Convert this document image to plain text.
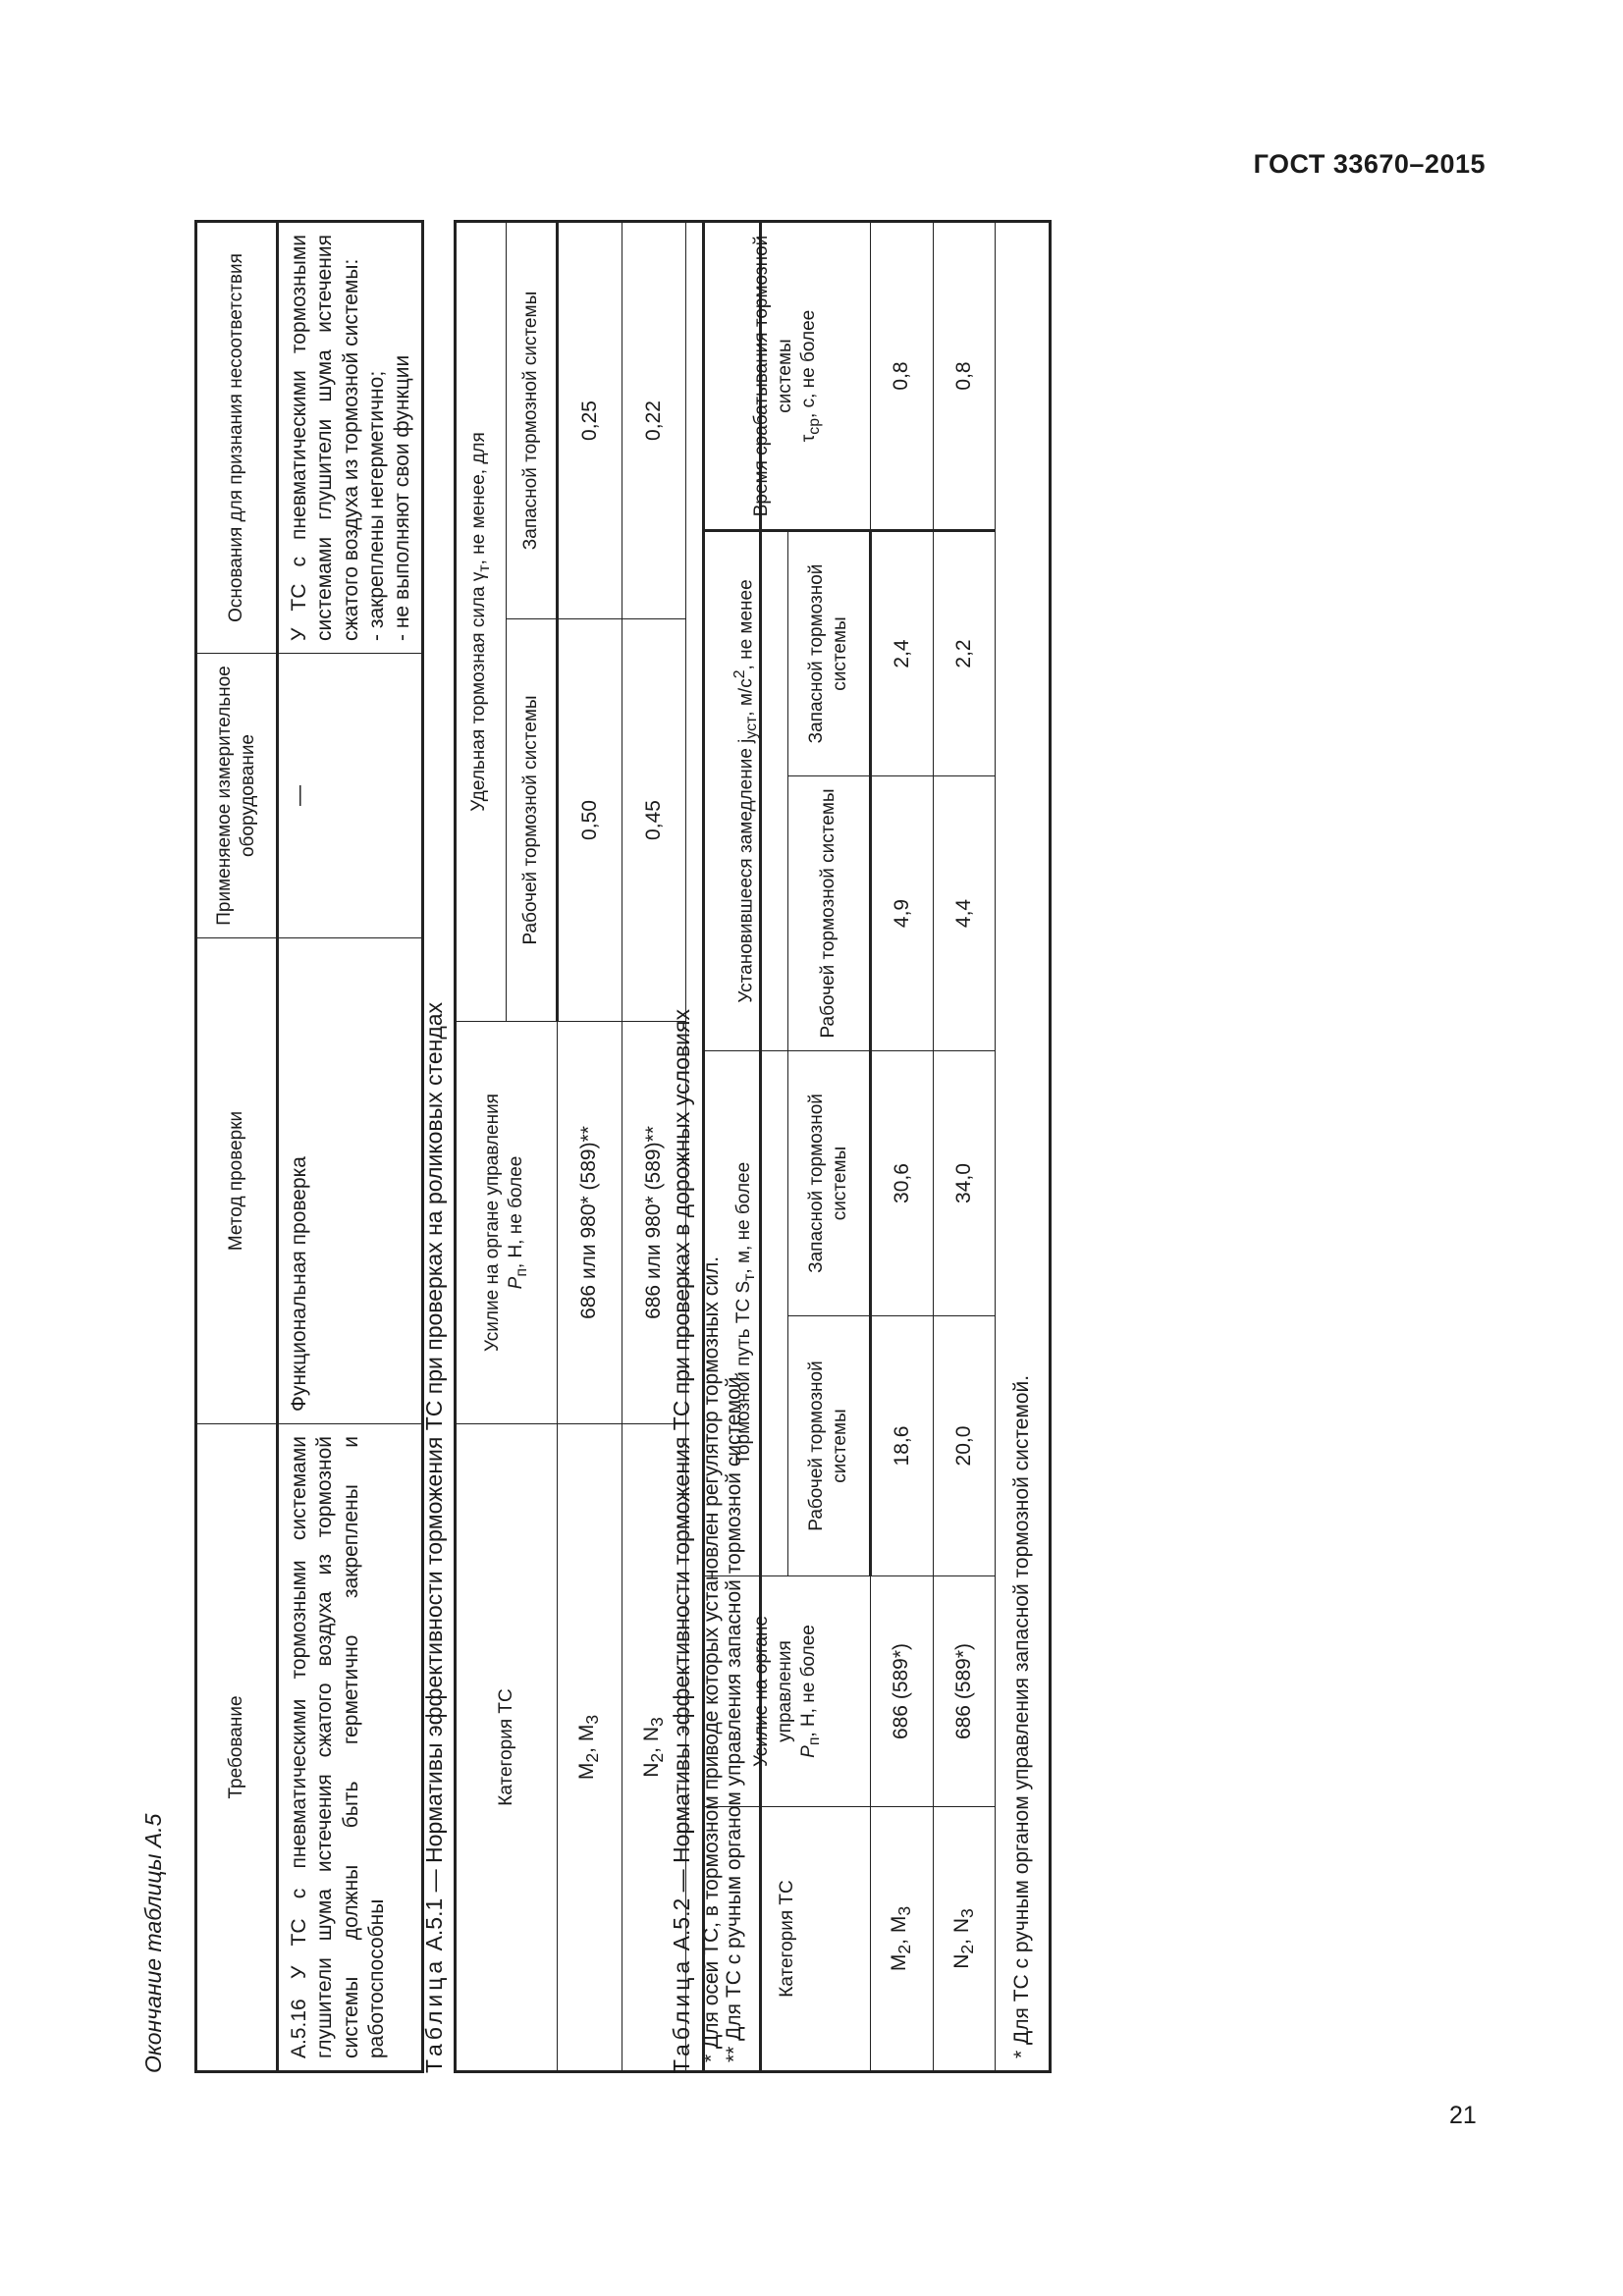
ГОСТ 33670–2015
21
Окончание таблицы А.5
Требование	Метод проверки	Применяемое измерительное оборудование	Основания для признания несоответствия
А.5.16 У ТС с пневматическими тормозными системами глушители шума истечения сжатого воздуха из тормозной системы должны быть герметично закреплены и работоспособны	Функциональная проверка	—	У ТС с пневматическими тормозными системами глушители шума истечения сжатого воздуха из тормозной системы: - закреплены негерметично; - не выполняют свои функции
Таблица А.5.1 — Нормативы эффективности торможения ТС при проверках на роликовых стендах	Категория ТС	Усилие на органе управления $P_п$, Н, не более	Удельная тормозная сила $\gamma_т$, не менее, для	
		Рабочей тормозной системы	Запасной тормозной системы
$M_2$, $M_3$	686 или 980* (589)**	0,50	0,25
$N_2$, $N_3$	686 или 980* (589)**	0,45	0,22

* Для осей ТС, в тормозном приводе которых установлен регулятор тормозных сил. ** Для ТС с ручным органом управления запасной тормозной системой.			
Таблица А.5.2 — Нормативы эффективности торможения ТС при проверках в дорожных условиях	Категория ТС	Усилие на органе управления
$P_п$, Н, не более	Тормозной путь ТС $S_т$, м, не более		Установившееся замедление $j_{уст}$, $м/с^2$, не менее		Время срабатывания тормозной системы
$\tau_{ср}$, с, не более
		Рабочей тормозной системы	Запасной тормозной системы	Рабочей тормозной системы	Запасной тормозной системы	
$M_2$, $M_3$	686 (589*)	18,6	30,6	4,9	2,4	0,8
$N_2$, $N_3$	686 (589*)	20,0	34,0	4,4	2,2	0,8
* Для ТС с ручным органом управления запасной тормозной системой.						
